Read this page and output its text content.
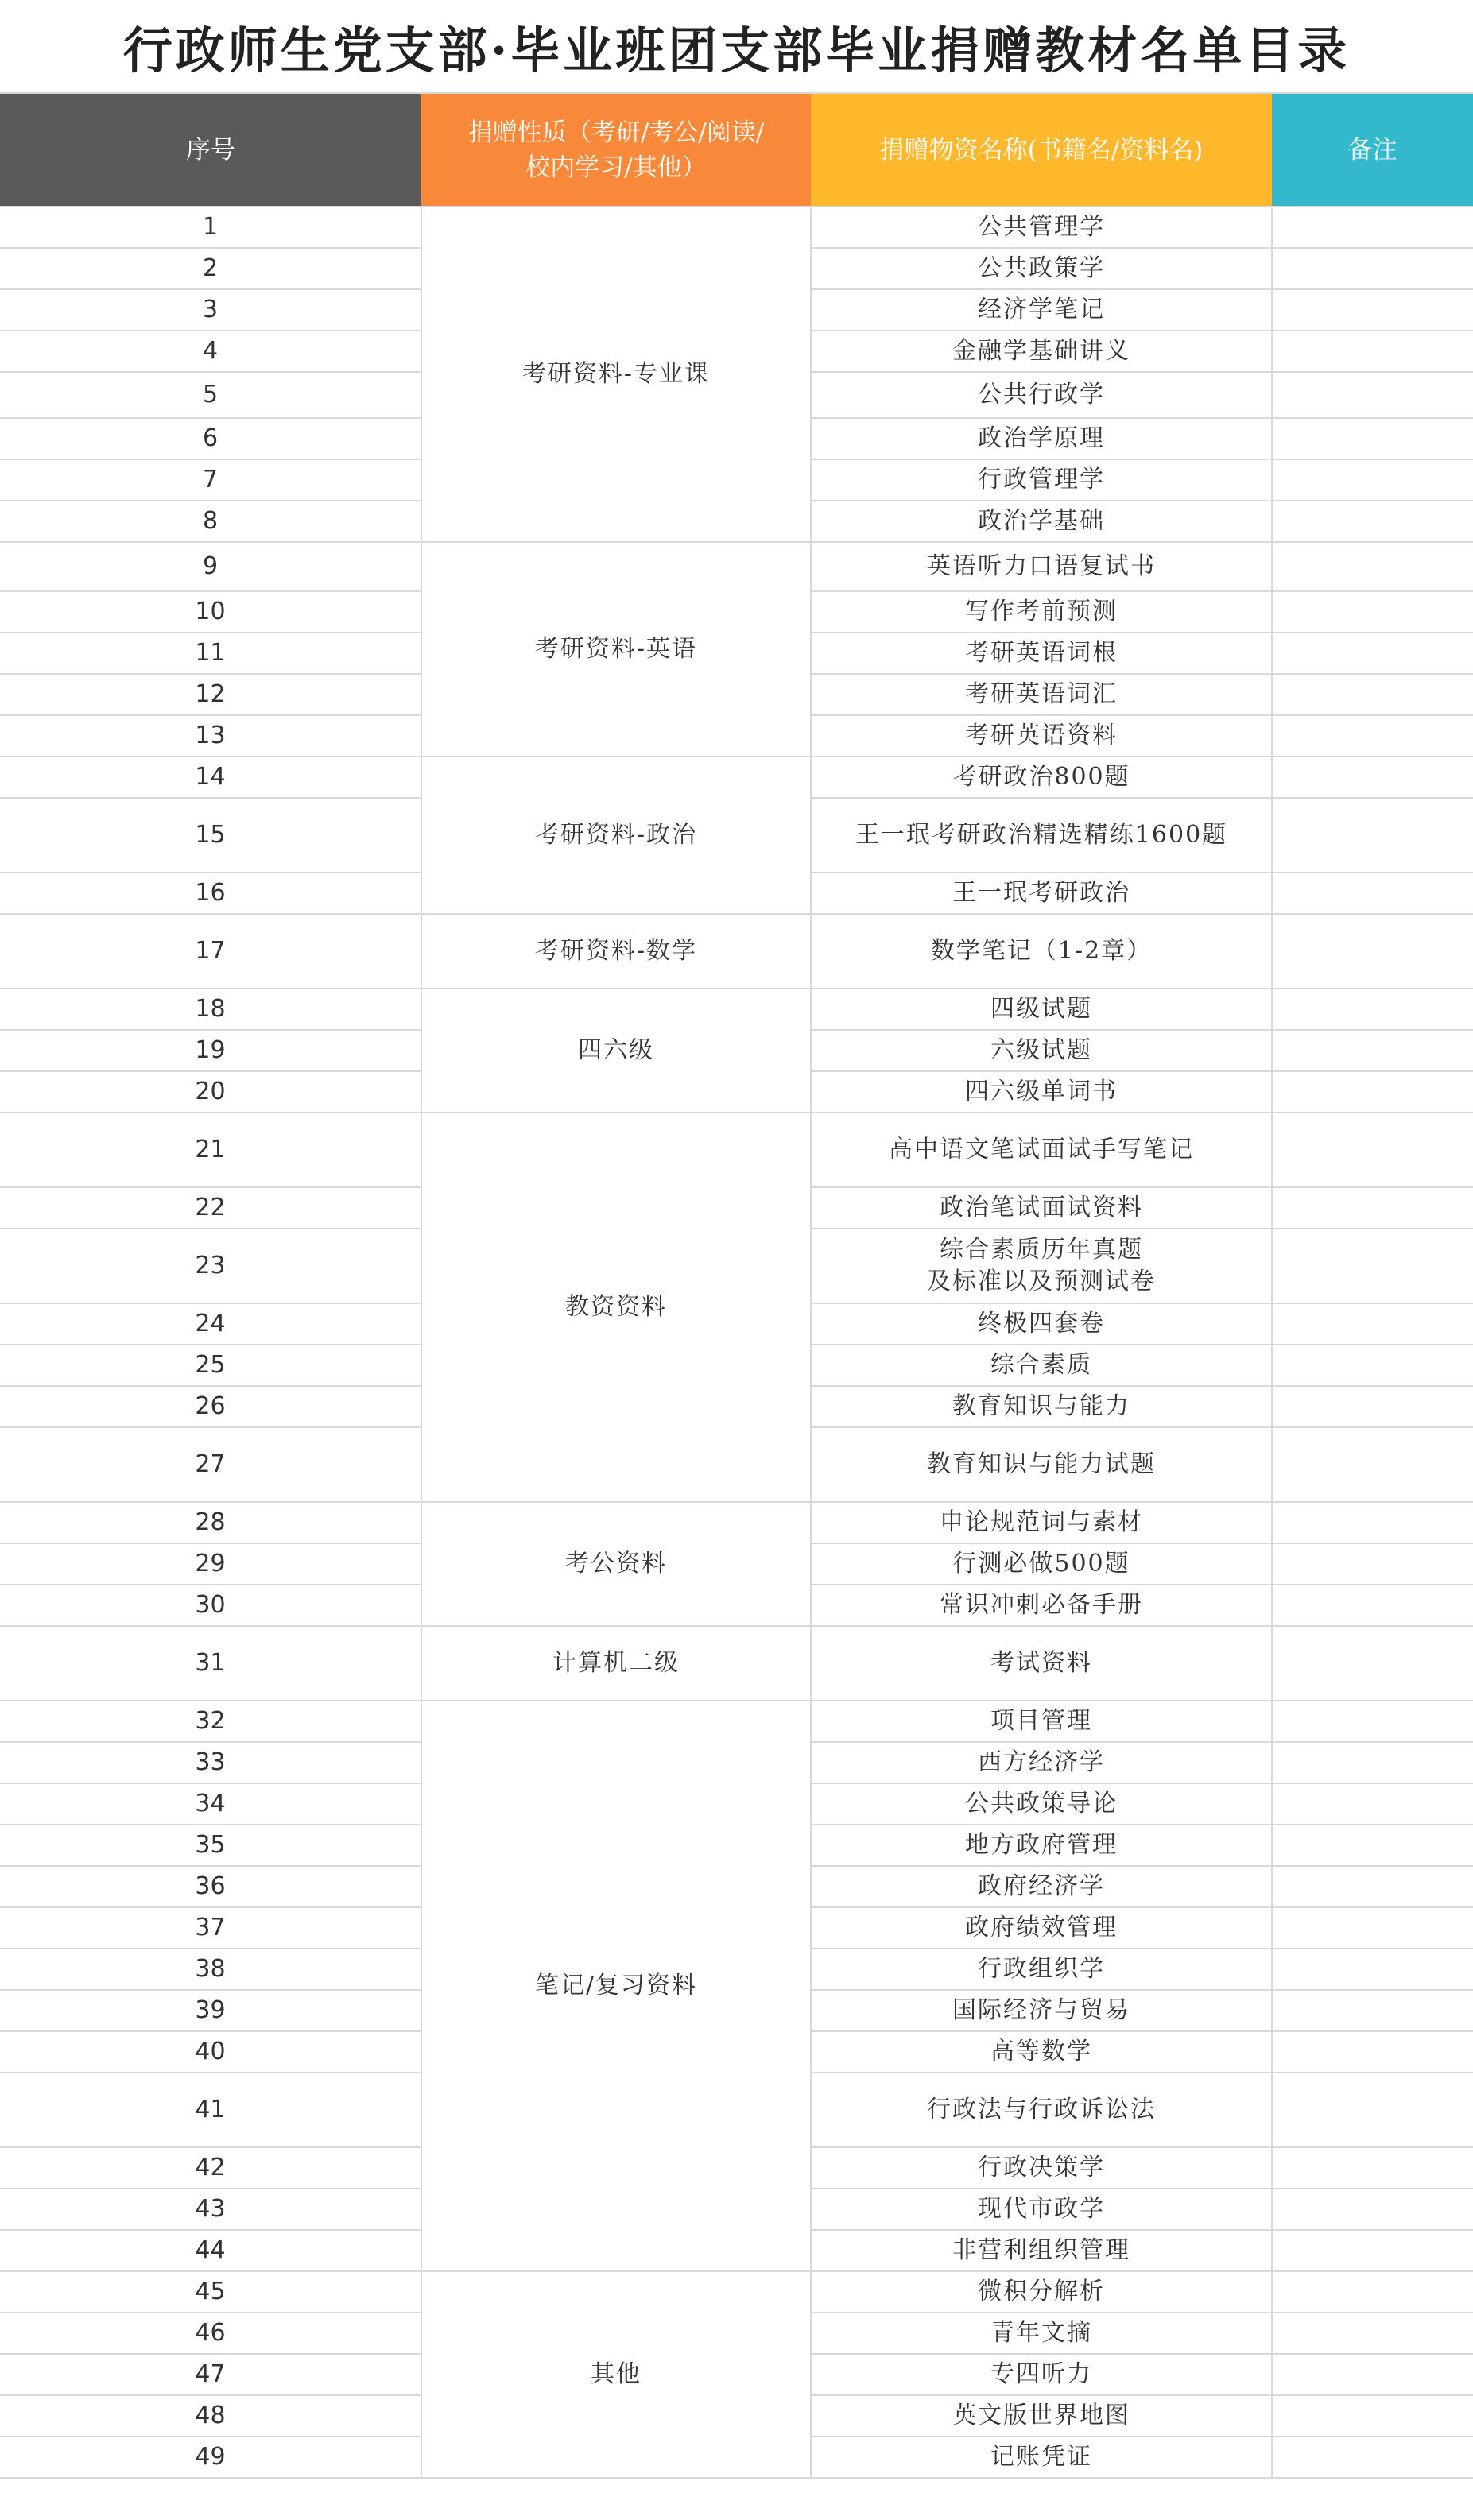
行政师生党支部·毕业班团支部毕业捐赠教材名单目录
序号	捐赠性质（考研/考公/阅读/
校内学习/其他）	捐赠物资名称(书籍名/资料名)	备注
1	考研资料-专业课	公共管理学	
2		公共政策学	
3		经济学笔记	
4		金融学基础讲义	
5		公共行政学	
6		政治学原理	
7		行政管理学	
8		政治学基础	
9	考研资料-英语	英语听力口语复试书	
10		写作考前预测	
11		考研英语词根	
12		考研英语词汇	
13		考研英语资料	
14	考研资料-政治	考研政治800题	
15		王一珉考研政治精选精练1600题	
16		王一珉考研政治	
17	考研资料-数学	数学笔记（1-2章）	
18	四六级	四级试题	
19		六级试题	
20		四六级单词书	
21	教资资料	高中语文笔试面试手写笔记	
22		政治笔试面试资料	
23		综合素质历年真题
及标准以及预测试卷	
24		终极四套卷	
25		综合素质	
26		教育知识与能力	
27		教育知识与能力试题	
28	考公资料	申论规范词与素材	
29		行测必做500题	
30		常识冲刺必备手册	
31	计算机二级	考试资料	
32	笔记/复习资料	项目管理	
33		西方经济学	
34		公共政策导论	
35		地方政府管理	
36		政府经济学	
37		政府绩效管理	
38		行政组织学	
39		国际经济与贸易	
40		高等数学	
41		行政法与行政诉讼法	
42		行政决策学	
43		现代市政学	
44		非营利组织管理	
45	其他	微积分解析	
46		青年文摘	
47		专四听力	
48		英文版世界地图	
49		记账凭证	
